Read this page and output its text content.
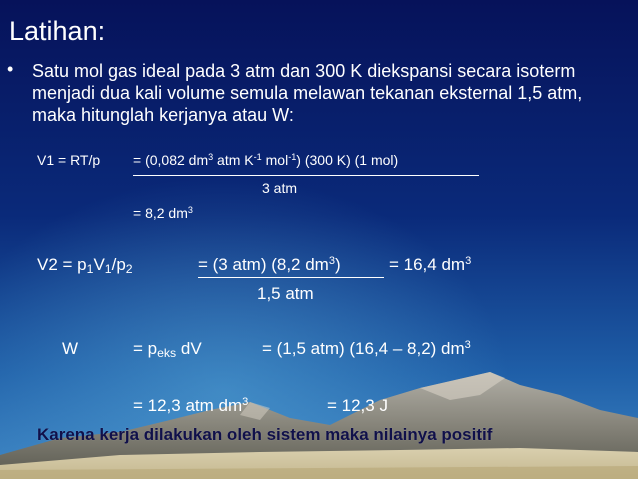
Latihan:
• Satu mol gas ideal pada 3 atm dan 300 K diekspansi secara isoterm menjadi dua kali volume semula melawan tekanan eksternal 1,5 atm, maka hitunglah kerjanya atau W:
V1 = RT/p = (0,082 $dm^3$ atm $K^{-1}$ mol$^{-1}$) (300 K) (1 mol)
3 atm
= 8,2 $dm^3$
$V2 = p_1V_1/p_2$	= (3 atm) (8,2 $dm^3$)	= 16,4 $dm^3$
1,5 atm
W	= $p_{eks}$ dV	= (1,5 atm) (16,4 – 8,2) $dm^3$
= 12,3 atm $dm^3$	= 12,3 J
Karena kerja dilakukan oleh sistem maka nilainya positif
